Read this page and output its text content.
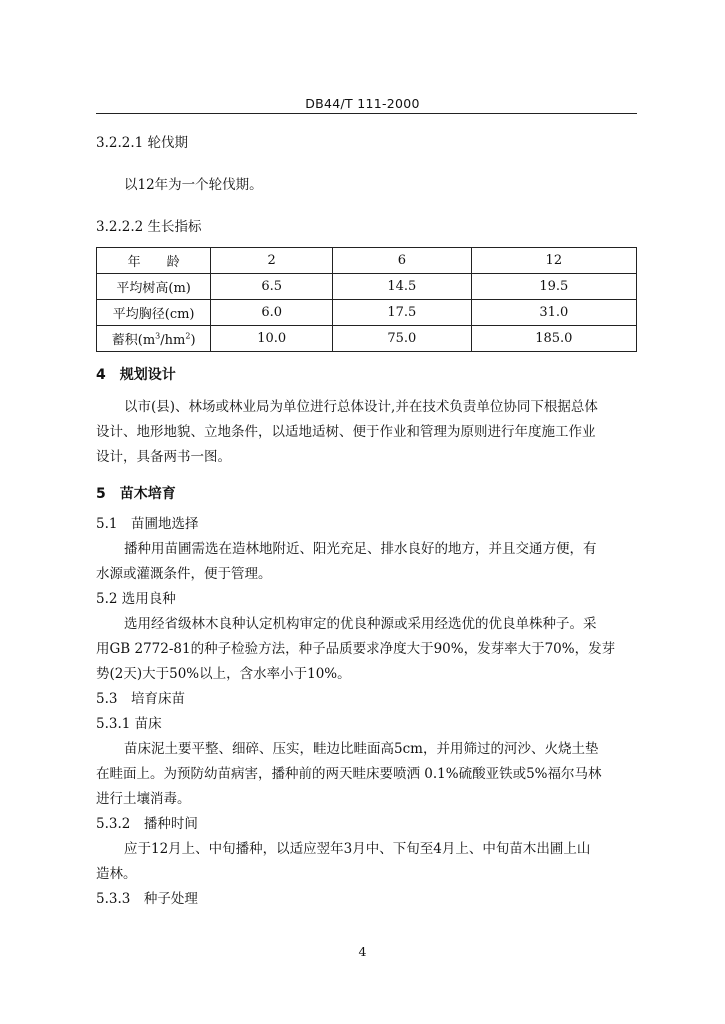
DB44/T 111-2000
3.2.2.1 轮伐期
以12年为一个轮伐期。
3.2.2.2 生长指标
年　　龄	2	6	12
平均树高(m)	6.5	14.5	19.5
平均胸径(cm)	6.0	17.5	31.0
蓄积$(m^3/hm^2)$	10.0	75.0	185.0
4　规划设计
以市(县)、林场或林业局为单位进行总体设计,并在技术负责单位协同下根据总体
设计、地形地貌、立地条件，以适地适树、便于作业和管理为原则进行年度施工作业
设计，具备两书一图。
5　苗木培育
5.1　苗圃地选择
播种用苗圃需选在造林地附近、阳光充足、排水良好的地方，并且交通方便，有
水源或灌溉条件，便于管理。
5.2 选用良种
选用经省级林木良种认定机构审定的优良种源或采用经选优的优良单株种子。采
用GB 2772-81的种子检验方法，种子品质要求净度大于90%，发芽率大于70%，发芽
势(2天)大于50%以上，含水率小于10%。
5.3　培育床苗
5.3.1 苗床
苗床泥土要平整、细碎、压实，畦边比畦面高5cm，并用筛过的河沙、火烧土垫
在畦面上。为预防幼苗病害，播种前的两天畦床要喷洒 0.1%硫酸亚铁或5%福尔马林
进行土壤消毒。
5.3.2　播种时间
应于12月上、中旬播种，以适应翌年3月中、下旬至4月上、中旬苗木出圃上山
造林。
5.3.3　种子处理
4
